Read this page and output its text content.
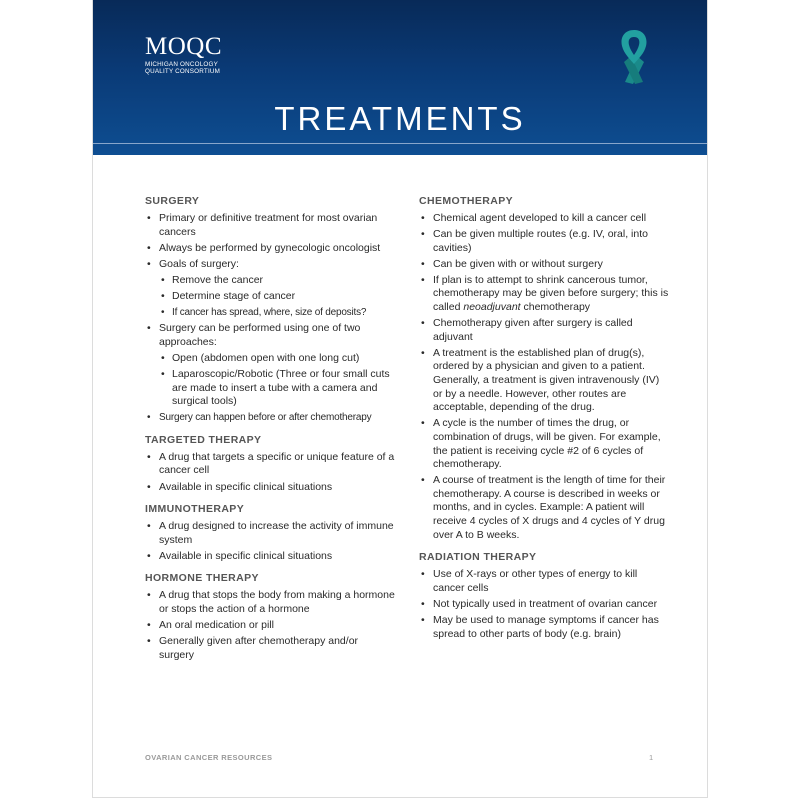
MOQC
MICHIGAN ONCOLOGY
QUALITY CONSORTIUM
TREATMENTS
SURGERY
• Primary or definitive treatment for most ovarian cancers
• Always be performed by gynecologic oncologist
• Goals of surgery:
• Remove the cancer
• Determine stage of cancer
• If cancer has spread, where, size of deposits?
• Surgery can be performed using one of two approaches:
• Open (abdomen open with one long cut)
• Laparoscopic/Robotic (Three or four small cuts are made to insert a tube with a camera and surgical tools)
• Surgery can happen before or after chemotherapy
TARGETED THERAPY
• A drug that targets a specific or unique feature of a cancer cell
• Available in specific clinical situations
IMMUNOTHERAPY
• A drug designed to increase the activity of immune system
• Available in specific clinical situations
HORMONE THERAPY
• A drug that stops the body from making a hormone or stops the action of a hormone
• An oral medication or pill
• Generally given after chemotherapy and/or surgery
CHEMOTHERAPY
• Chemical agent developed to kill a cancer cell
• Can be given multiple routes (e.g. IV, oral, into cavities)
• Can be given with or without surgery
• If plan is to attempt to shrink cancerous tumor, chemotherapy may be given before surgery; this is called neoadjuvant chemotherapy
• Chemotherapy given after surgery is called adjuvant
• A treatment is the established plan of drug(s), ordered by a physician and given to a patient. Generally, a treatment is given intravenously (IV) or by a needle. However, other routes are acceptable, depending of the drug.
• A cycle is the number of times the drug, or combination of drugs, will be given. For example, the patient is receiving cycle #2 of 6 cycles of chemotherapy.
• A course of treatment is the length of time for their chemotherapy. A course is described in weeks or months, and in cycles. Example: A patient will receive 4 cycles of X drugs and 4 cycles of Y drug over A to B weeks.
RADIATION THERAPY
• Use of X-rays or other types of energy to kill cancer cells
• Not typically used in treatment of ovarian cancer
• May be used to manage symptoms if cancer has spread to other parts of body (e.g. brain)
OVARIAN CANCER RESOURCES	1
